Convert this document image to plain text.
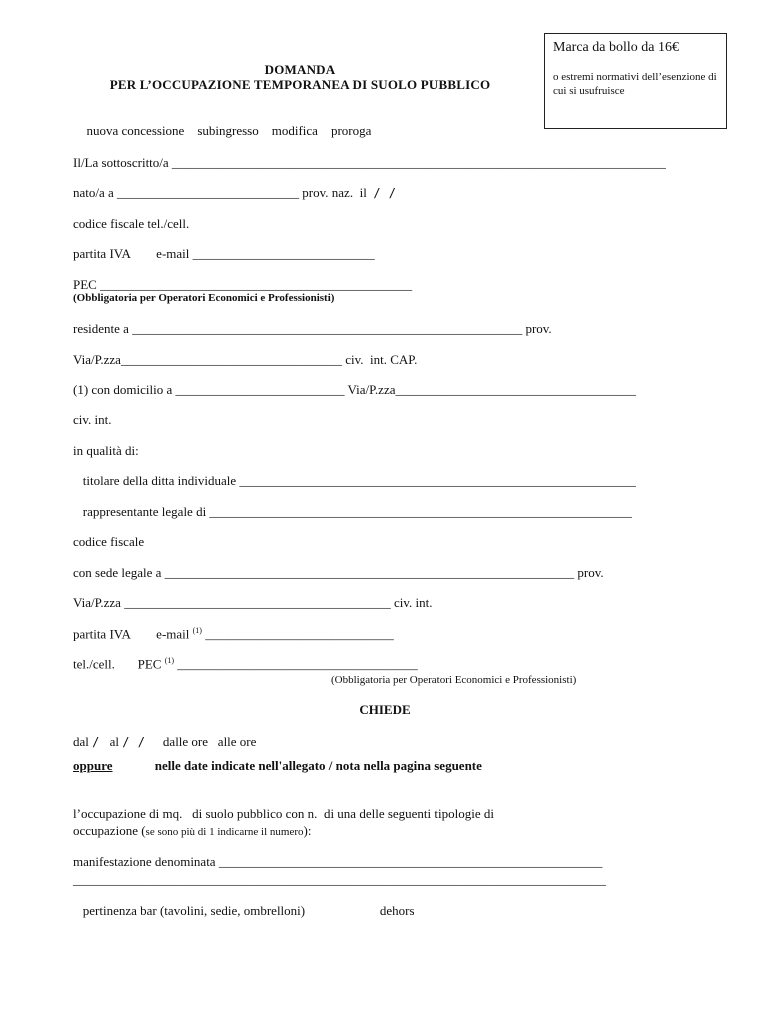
Marca da bollo da 16€
o estremi normativi dell’esenzione di cui si usufruisce
DOMANDA
PER L’OCCUPAZIONE TEMPORANEA DI SUOLO PUBBLICO
nuova concessione subingresso modifica proroga
Il/La sottoscritto/a ____________________________________________________________________________
nato/a a ____________________________ prov. naz. il / /
codice fiscale tel./cell.
partita IVA e-mail ____________________________
PEC ________________________________________________
(Obbligatoria per Operatori Economici e Professionisti)
residente a ____________________________________________________________ prov.
Via/P.zza__________________________________ civ. int. CAP.
(1) con domicilio a __________________________ Via/P.zza_____________________________________
civ. int.
in qualità di:
titolare della ditta individuale _____________________________________________________________
rappresentante legale di _________________________________________________________________
codice fiscale
con sede legale a _______________________________________________________________ prov.
Via/P.zza _________________________________________ civ. int.
partita IVA e-mail $^{(1)}$ _____________________________
tel./cell. PEC $^{(1)}$ _____________________________________
(Obbligatoria per Operatori Economici e Professionisti)
CHIEDE
dal / al / /    dalle ore alle ore
oppure	nelle date indicate nell'allegato / nota nella pagina seguente
l’occupazione di mq. di suolo pubblico con n. di una delle seguenti tipologie di
occupazione (se sono più di 1 indicarne il numero):
manifestazione denominata ___________________________________________________________
__________________________________________________________________________________
pertinenza bar (tavolini, sedie, ombrelloni)	dehors
